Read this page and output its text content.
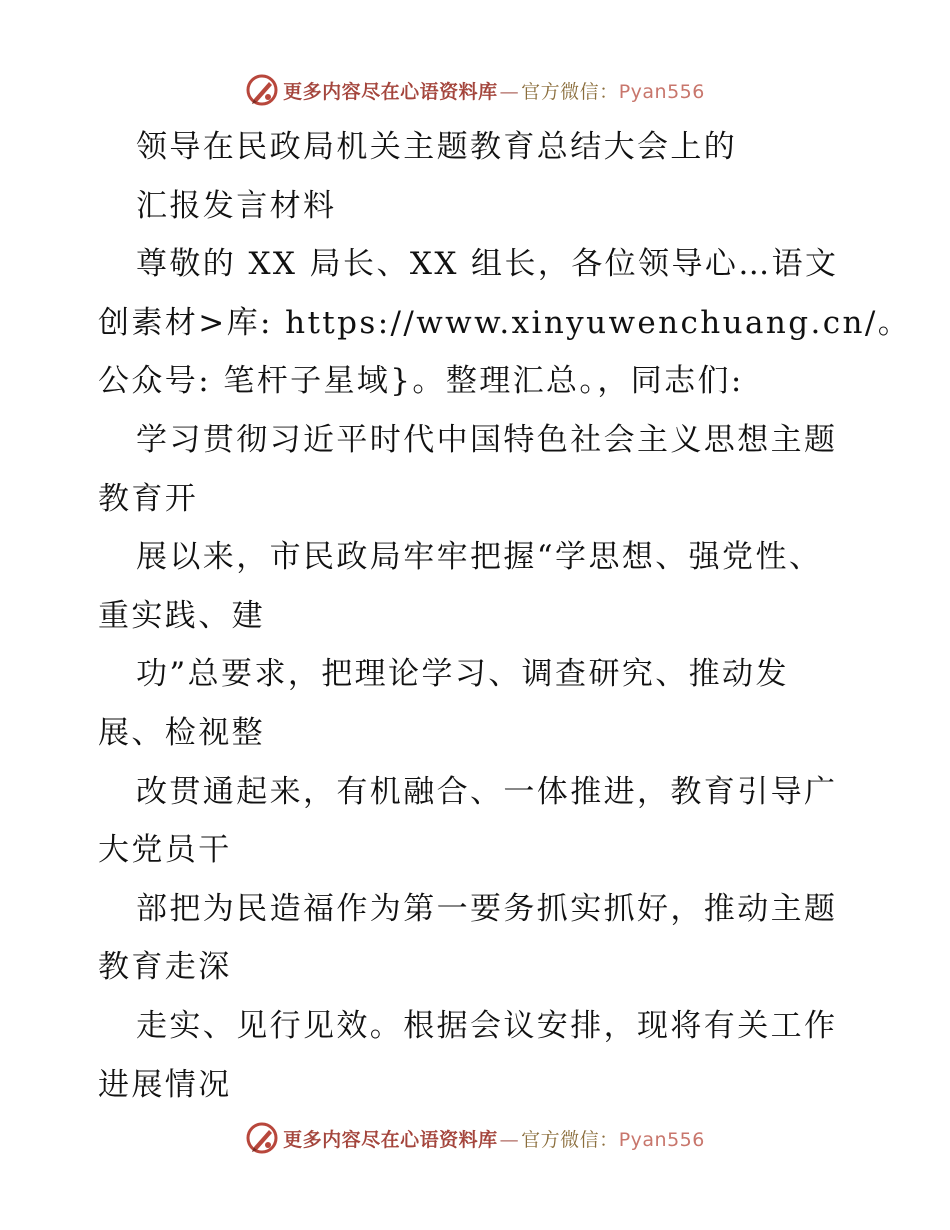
更多内容尽在心语资料库 — 官方微信：Pyan556
领导在民政局机关主题教育总结大会上的
汇报发言材料
尊敬的 XX 局长、XX 组长，各位领导心…语文
创素材>库: https://www.xinyuwenchuang.cn/。
公众号: 笔杆子星域}。整理汇总。，同志们:
学习贯彻习近平时代中国特色社会主义思想主题
教育开
展以来，市民政局牢牢把握“学思想、强党性、
重实践、建
功”总要求，把理论学习、调查研究、推动发
展、检视整
改贯通起来，有机融合、一体推进，教育引导广
大党员干
部把为民造福作为第一要务抓实抓好，推动主题
教育走深
走实、见行见效。根据会议安排，现将有关工作
进展情况
更多内容尽在心语资料库 — 官方微信：Pyan556
